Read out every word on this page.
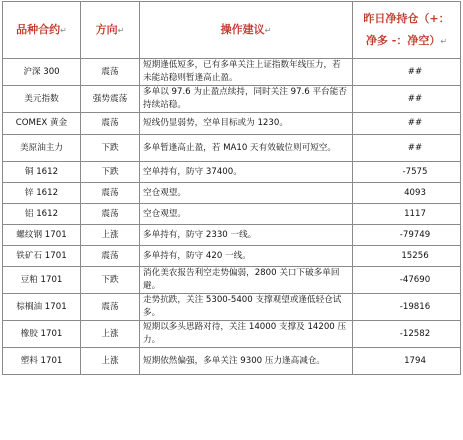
品种合约↵	方向↵	操作建议↵	昨日净持仓（+：
净多 -：净空）↵

沪深 300	震荡	短期逢低短多，已有多单关注上证指数年线压力，若未能站稳则暂逢高止盈。	##
美元指数	强势震荡	多单以 97.6 为止盈点续持，同时关注 97.6 平台能否持续站稳。	##
COMEX 黄金	震荡	短线仍显弱势，空单目标或为 1230。	##
美原油主力	下跌	多单暂逢高止盈，若 MA10 天有效破位则可短空。	##
铜 1612	下跌	空单持有，防守 37400。	-7575
锌 1612	震荡	空仓观望。	4093
铝 1612	震荡	空仓观望。	1117
螺纹钢 1701	上涨	多单持有，防守 2330 一线。	-79749
铁矿石 1701	震荡	多单持有，防守 420 一线。	15256
豆粕 1701	下跌	消化美农报告利空走势偏弱，2800 关口下破多单回避。	-47690
棕榈油 1701	震荡	走势抗跌，关注 5300-5400 支撑观望或逢低轻仓试多。	-19816
橡胶 1701	上涨	短期以多头思路对待，关注 14000 支撑及 14200 压力。	-12582
塑料 1701	上涨	短期依然偏强，多单关注 9300 压力逢高减仓。	1794
